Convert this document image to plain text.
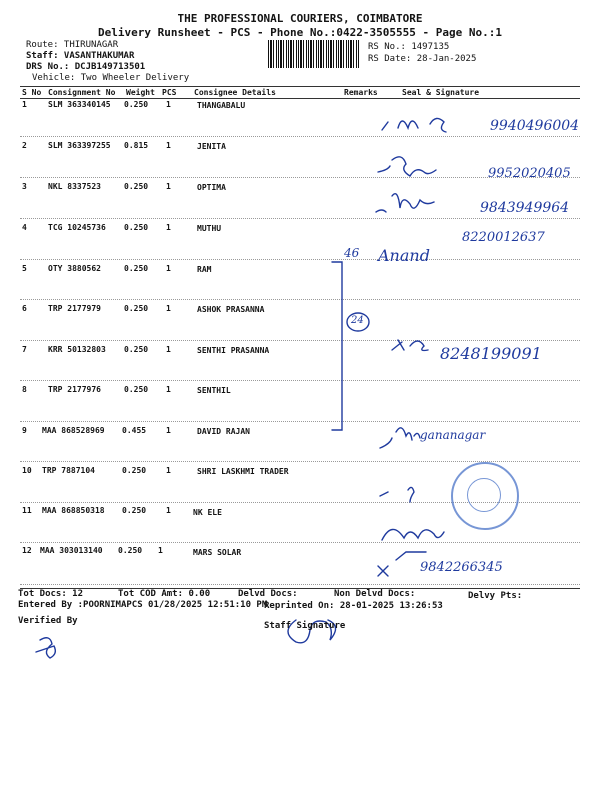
THE PROFESSIONAL COURIERS, COIMBATORE
Delivery Runsheet - PCS - Phone No.:0422-3505555 - Page No.:1
Route: THIRUNAGAR
Staff: VASANTHAKUMAR
DRS No.: DCJB149713501
Vehicle: Two Wheeler Delivery
RS No.: 1497135
RS Date: 28-Jan-2025
S No Consignment No Weight PCS Consignee Details	Remarks	Seal & Signature
1	SLM 363340145 0.250 1	THANGABALU
2	SLM 363397255 0.815 1	JENITA
3	NKL 8337523	0.250 1	OPTIMA
4	TCG 10245736 0.250 1	MUTHU
5	OTY 3880562	0.250 1	RAM
6	TRP 2177979	0.250 1	ASHOK PRASANNA
7	KRR 50132803 0.250 1	SENTHI PRASANNA
8	TRP 2177976	0.250 1	SENTHIL
9 MAA 868528969 0.455 1	DAVID RAJAN
10 TRP 7887104	0.250 1	SHRI LASKHMI TRADER
11 MAA 868850318 0.250 1	NK ELE
12 MAA 303013140 0.250 1	MARS SOLAR
9940496004
9952020405
9843949964
Anand
8220012637
46
24
8248199091
gananagar
9842266345
Tot Docs: 12	Tot COD Amt: 0.00	Delvd Docs:	Non Delvd Docs:	Delvy Pts:
Entered By :POORNIMAPCS 01/28/2025 12:51:10 PM
Reprinted On: 28-01-2025 13:26:53
Verified By	Staff Signature
